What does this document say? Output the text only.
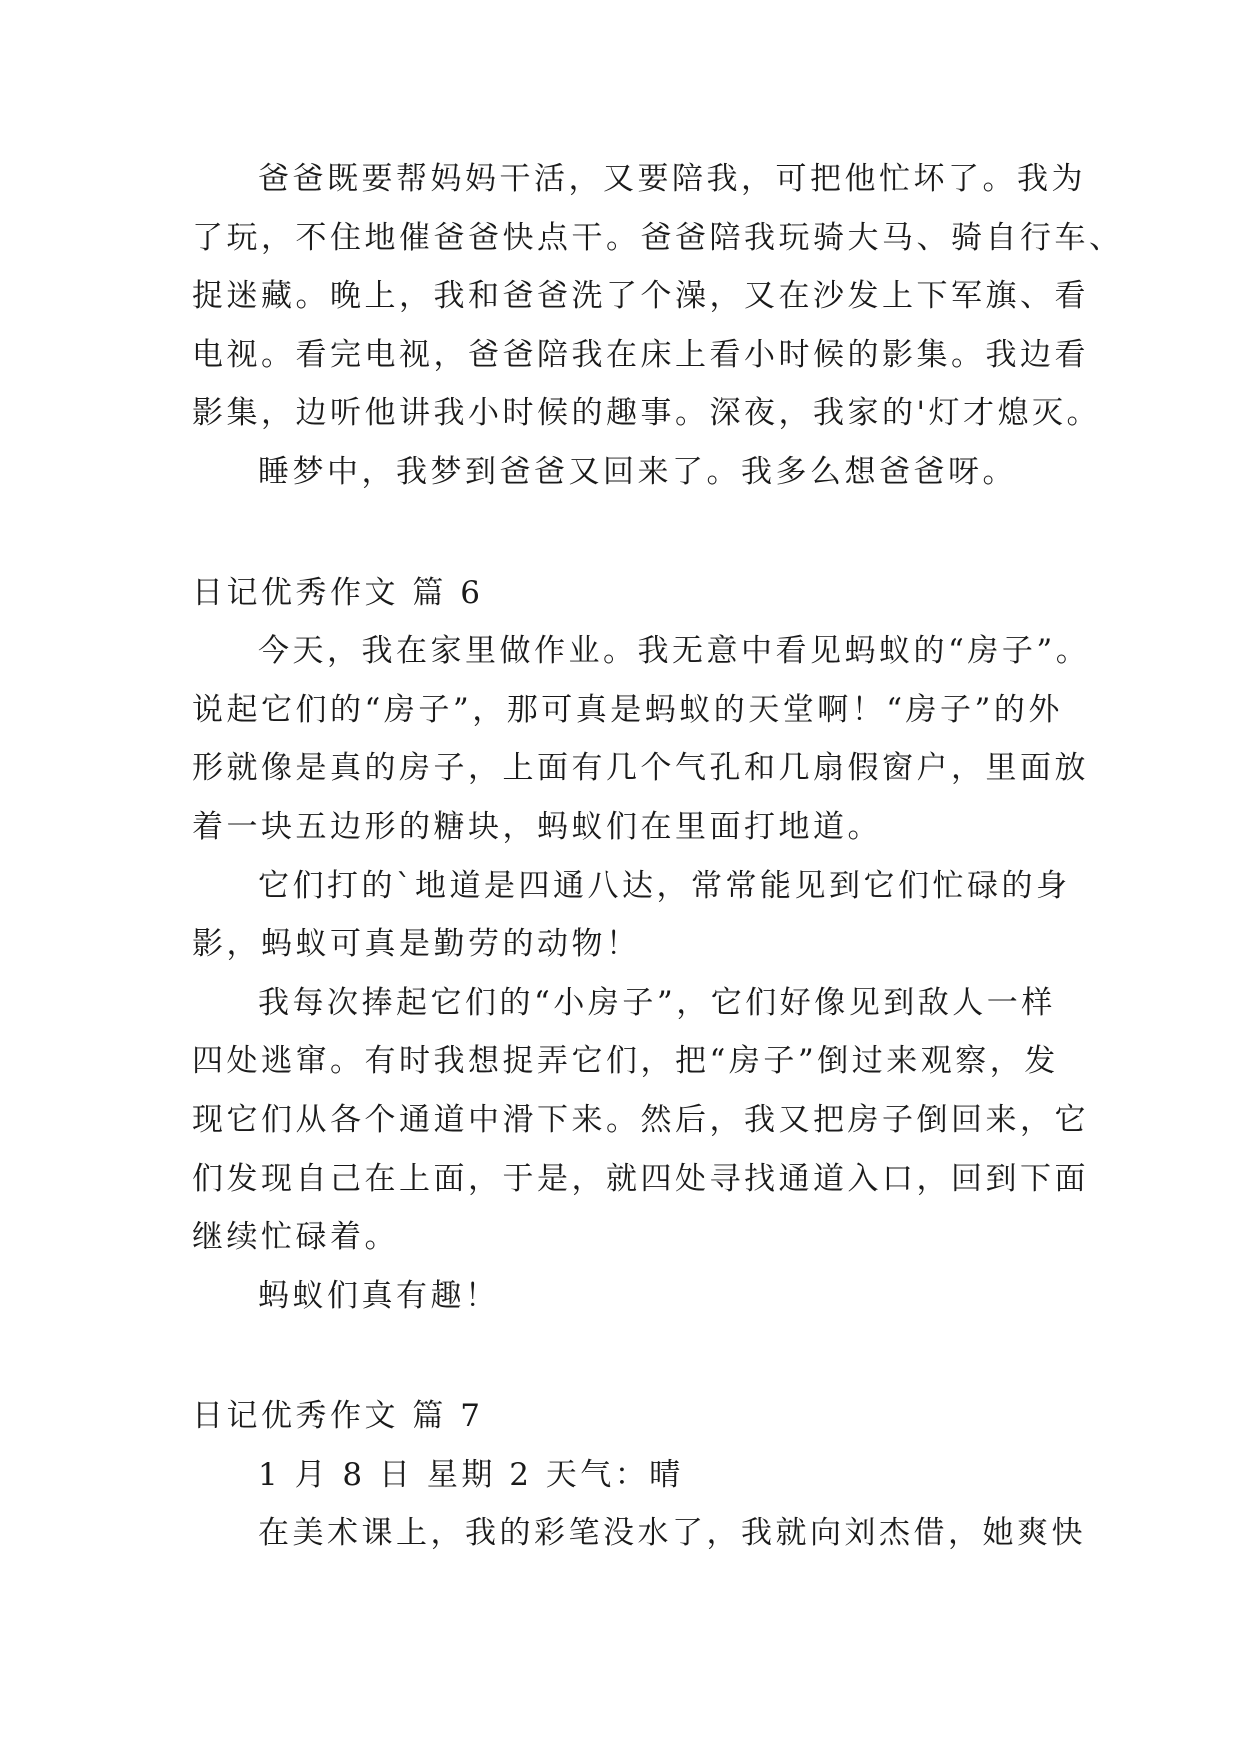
爸爸既要帮妈妈干活，又要陪我，可把他忙坏了。我为
了玩，不住地催爸爸快点干。爸爸陪我玩骑大马、骑自行车、
捉迷藏。晚上，我和爸爸洗了个澡，又在沙发上下军旗、看
电视。看完电视，爸爸陪我在床上看小时候的影集。我边看
影集，边听他讲我小时候的趣事。深夜，我家的'灯才熄灭。
睡梦中，我梦到爸爸又回来了。我多么想爸爸呀。
日记优秀作文 篇 6
今天，我在家里做作业。我无意中看见蚂蚁的“房子”。
说起它们的“房子”，那可真是蚂蚁的天堂啊！“房子”的外
形就像是真的房子，上面有几个气孔和几扇假窗户，里面放
着一块五边形的糖块，蚂蚁们在里面打地道。
它们打的`地道是四通八达，常常能见到它们忙碌的身
影，蚂蚁可真是勤劳的动物！
我每次捧起它们的“小房子”，它们好像见到敌人一样
四处逃窜。有时我想捉弄它们，把“房子”倒过来观察，发
现它们从各个通道中滑下来。然后，我又把房子倒回来，它
们发现自己在上面，于是，就四处寻找通道入口，回到下面
继续忙碌着。
蚂蚁们真有趣！
日记优秀作文 篇 7
1 月 8 日 星期 2 天气：晴
在美术课上，我的彩笔没水了，我就向刘杰借，她爽快
